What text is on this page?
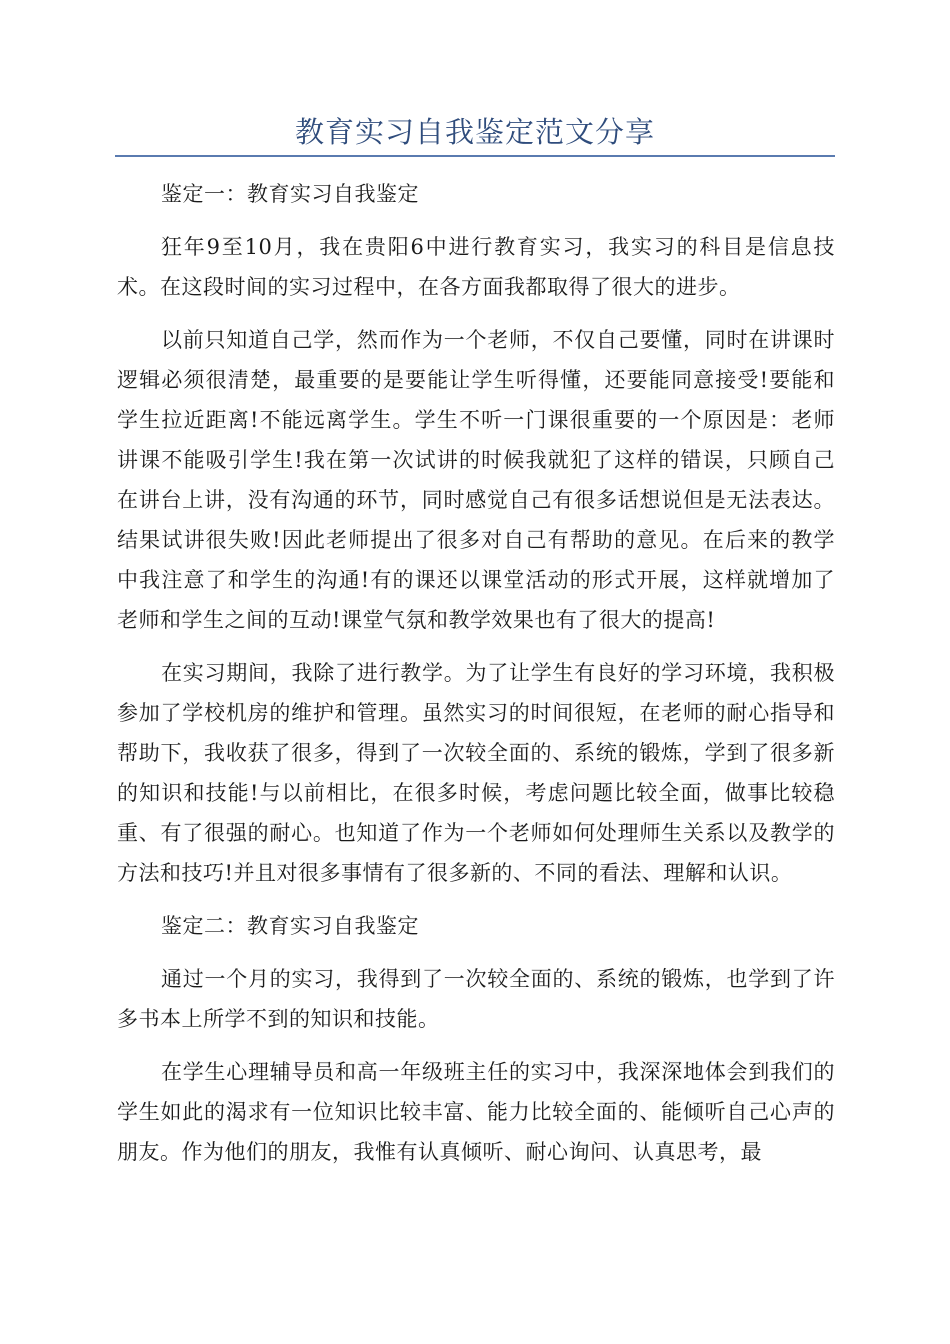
教育实习自我鉴定范文分享

鉴定一：教育实习自我鉴定

狂年9至10月，我在贵阳6中进行教育实习，我实习的科目是信息技术。在这段时间的实习过程中，在各方面我都取得了很大的进步。

以前只知道自己学，然而作为一个老师，不仅自己要懂，同时在讲课时逻辑必须很清楚，最重要的是要能让学生听得懂，还要能同意接受!要能和学生拉近距离!不能远离学生。学生不听一门课很重要的一个原因是：老师讲课不能吸引学生!我在第一次试讲的时候我就犯了这样的错误，只顾自己在讲台上讲，没有沟通的环节，同时感觉自己有很多话想说但是无法表达。结果试讲很失败!因此老师提出了很多对自己有帮助的意见。在后来的教学中我注意了和学生的沟通!有的课还以课堂活动的形式开展，这样就增加了老师和学生之间的互动!课堂气氛和教学效果也有了很大的提高!

在实习期间，我除了进行教学。为了让学生有良好的学习环境，我积极参加了学校机房的维护和管理。虽然实习的时间很短，在老师的耐心指导和帮助下，我收获了很多，得到了一次较全面的、系统的锻炼，学到了很多新的知识和技能!与以前相比，在很多时候，考虑问题比较全面，做事比较稳重、有了很强的耐心。也知道了作为一个老师如何处理师生关系以及教学的方法和技巧!并且对很多事情有了很多新的、不同的看法、理解和认识。

鉴定二：教育实习自我鉴定

通过一个月的实习，我得到了一次较全面的、系统的锻炼，也学到了许多书本上所学不到的知识和技能。

在学生心理辅导员和高一年级班主任的实习中，我深深地体会到我们的学生如此的渴求有一位知识比较丰富、能力比较全面的、能倾听自己心声的朋友。作为他们的朋友，我惟有认真倾听、耐心询问、认真思考，最
